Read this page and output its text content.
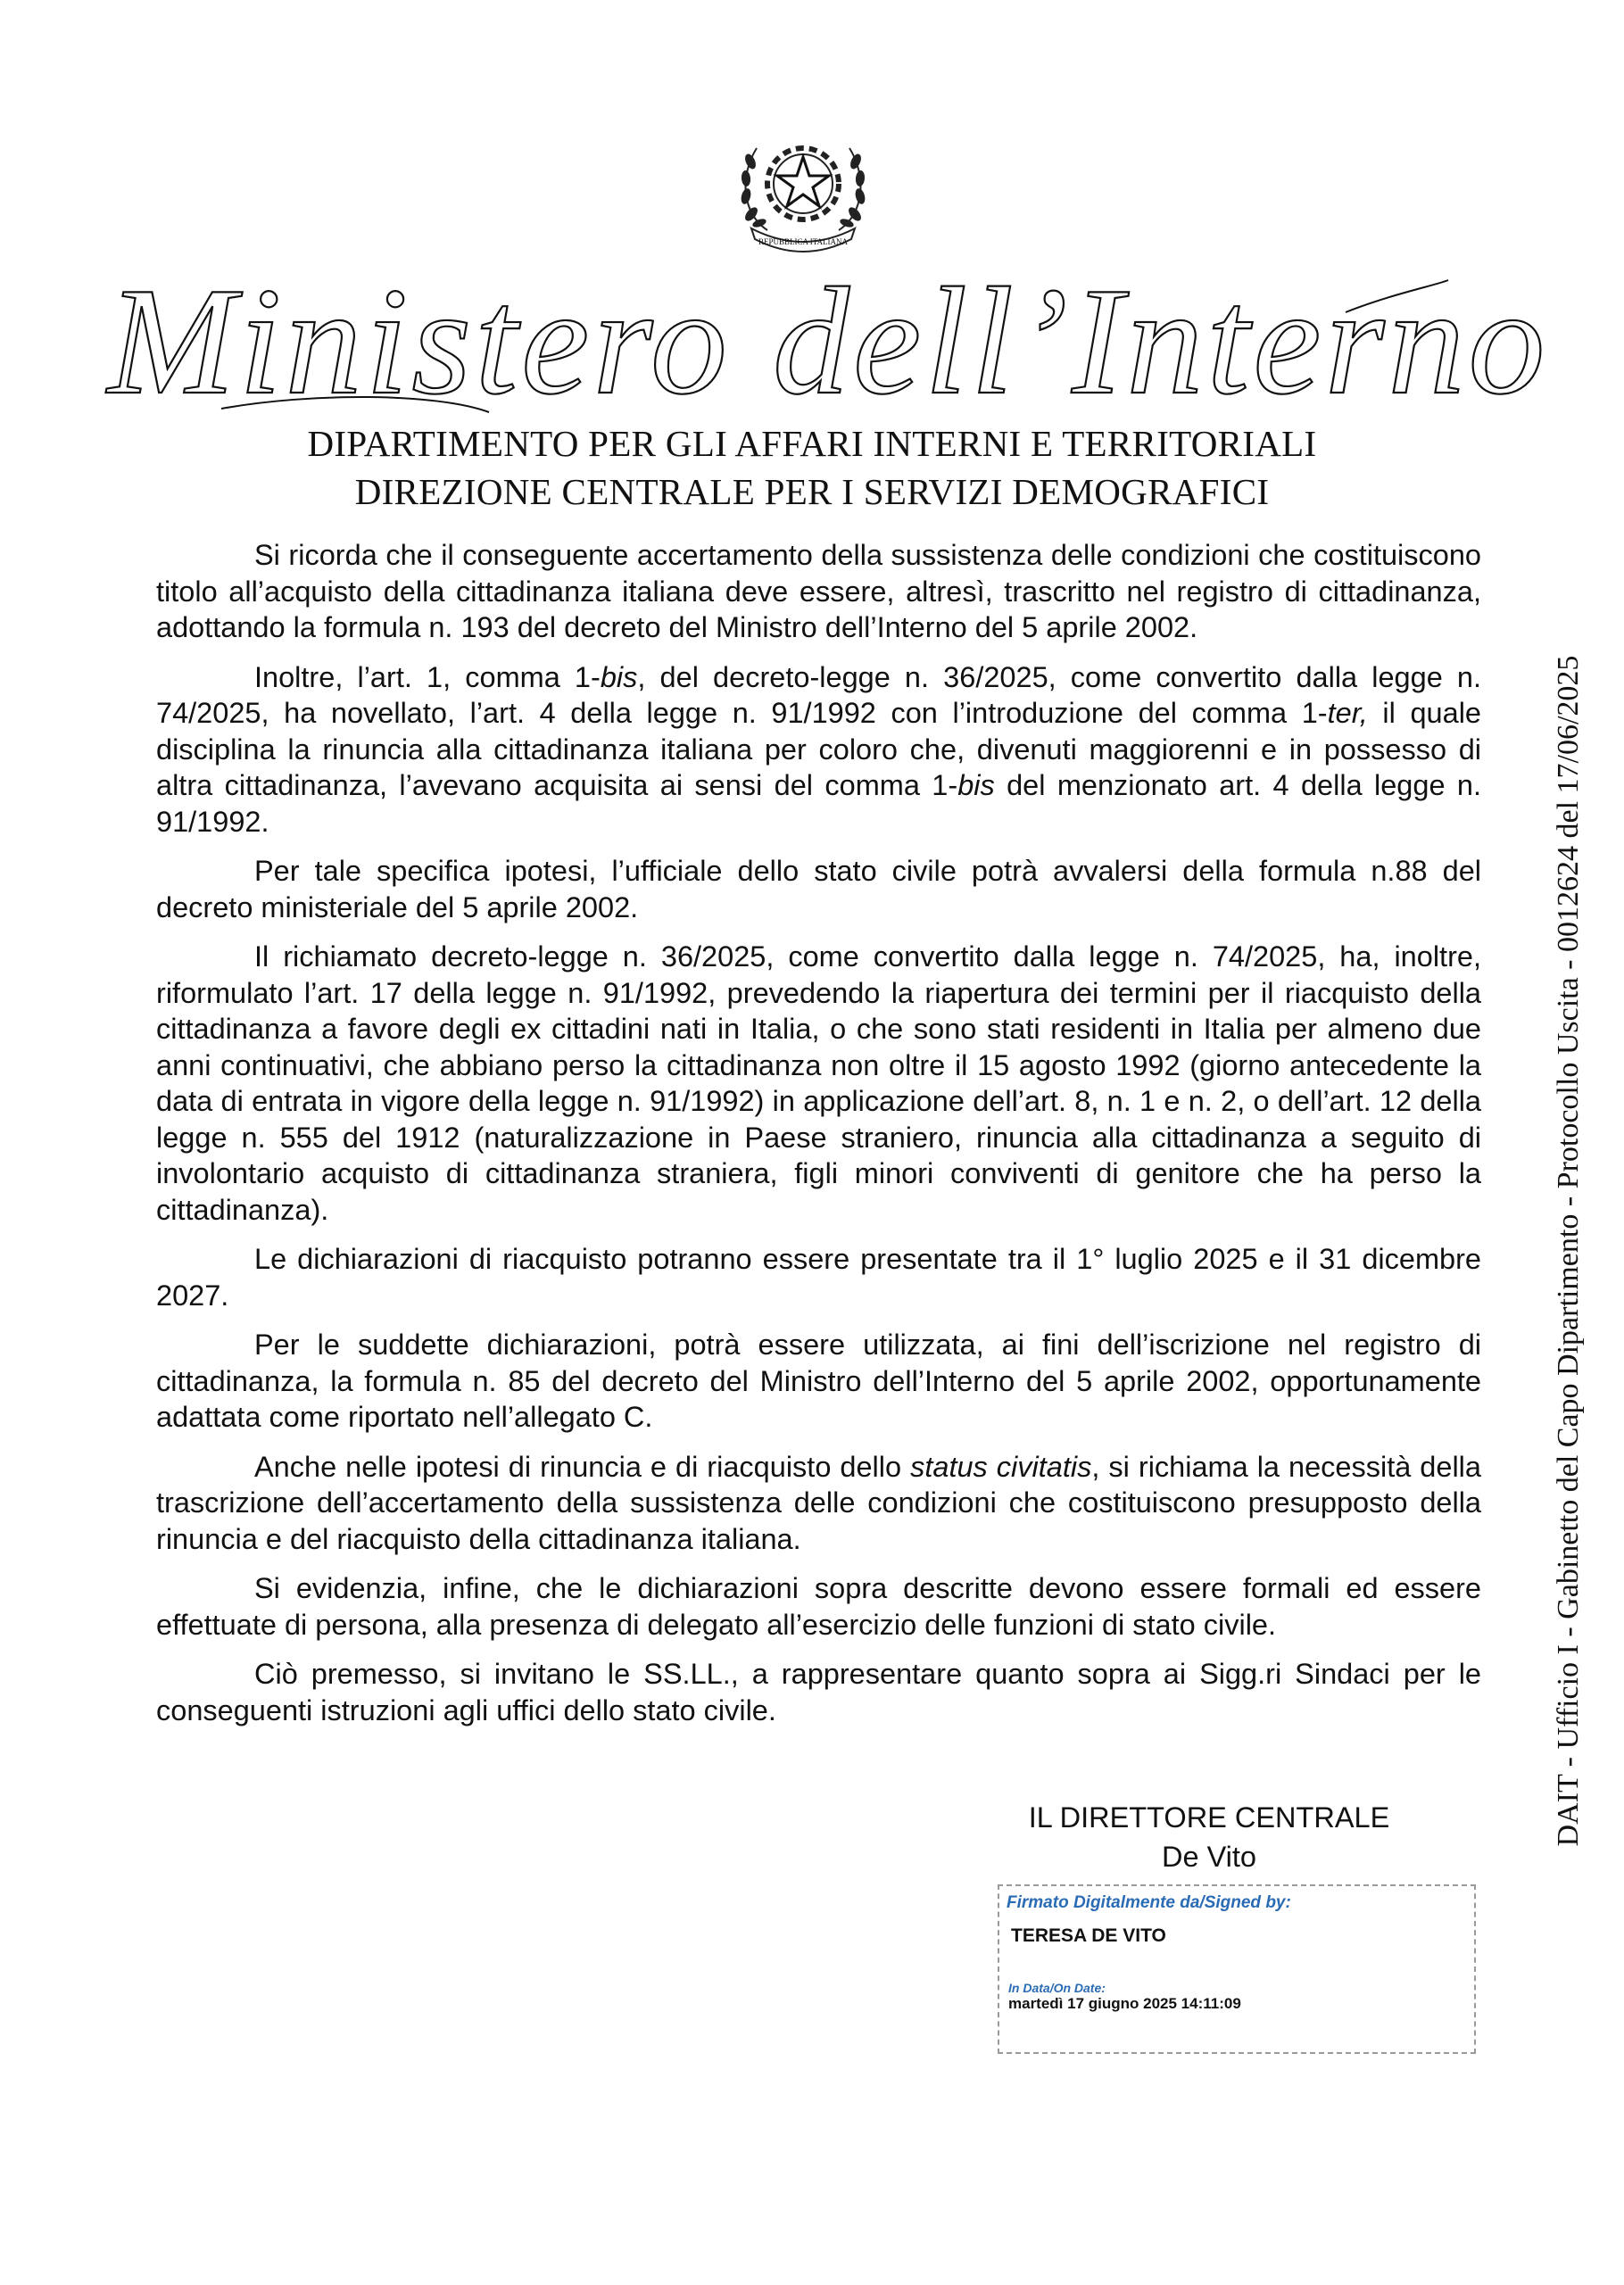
REPUBBLICA ITALIANA
Ministero dell’Interno
DIPARTIMENTO PER GLI AFFARI INTERNI E TERRITORIALI
DIREZIONE CENTRALE PER I SERVIZI DEMOGRAFICI

Si ricorda che il conseguente accertamento della sussistenza delle condizioni che costituiscono titolo all’acquisto della cittadinanza italiana deve essere, altresì, trascritto nel registro di cittadinanza, adottando la formula n. 193 del decreto del Ministro dell’Interno del 5 aprile 2002.

Inoltre, l’art. 1, comma 1-bis, del decreto-legge n. 36/2025, come convertito dalla legge n. 74/2025, ha novellato, l’art. 4 della legge n. 91/1992 con l’introduzione del comma 1-ter, il quale disciplina la rinuncia alla cittadinanza italiana per coloro che, divenuti maggiorenni e in possesso di altra cittadinanza, l’avevano acquisita ai sensi del comma 1-bis del menzionato art. 4 della legge n. 91/1992.

Per tale specifica ipotesi, l’ufficiale dello stato civile potrà avvalersi della formula n.88 del decreto ministeriale del 5 aprile 2002.

Il richiamato decreto-legge n. 36/2025, come convertito dalla legge n. 74/2025, ha, inoltre, riformulato l’art. 17 della legge n. 91/1992, prevedendo la riapertura dei termini per il riacquisto della cittadinanza a favore degli ex cittadini nati in Italia, o che sono stati residenti in Italia per almeno due anni continuativi, che abbiano perso la cittadinanza non oltre il 15 agosto 1992 (giorno antecedente la data di entrata in vigore della legge n. 91/1992) in applicazione dell’art. 8, n. 1 e n. 2, o dell’art. 12 della legge n. 555 del 1912 (naturalizzazione in Paese straniero, rinuncia alla cittadinanza a seguito di involontario acquisto di cittadinanza straniera, figli minori conviventi di genitore che ha perso la cittadinanza).

Le dichiarazioni di riacquisto potranno essere presentate tra il 1° luglio 2025 e il 31 dicembre 2027.

Per le suddette dichiarazioni, potrà essere utilizzata, ai fini dell’iscrizione nel registro di cittadinanza, la formula n. 85 del decreto del Ministro dell’Interno del 5 aprile 2002, opportunamente adattata come riportato nell’allegato C.

Anche nelle ipotesi di rinuncia e di riacquisto dello status civitatis, si richiama la necessità della trascrizione dell’accertamento della sussistenza delle condizioni che costituiscono presupposto della rinuncia e del riacquisto della cittadinanza italiana.

Si evidenzia, infine, che le dichiarazioni sopra descritte devono essere formali ed essere effettuate di persona, alla presenza di delegato all’esercizio delle funzioni di stato civile.

Ciò premesso, si invitano le SS.LL., a rappresentare quanto sopra ai Sigg.ri Sindaci per le conseguenti istruzioni agli uffici dello stato civile.

IL DIRETTORE CENTRALE
De Vito
Firmato Digitalmente da/Signed by:
TERESA DE VITO
In Data/On Date:
martedì 17 giugno 2025 14:11:09
DAIT - Ufficio I - Gabinetto del Capo Dipartimento - Protocollo Uscita - 0012624 del 17/06/2025
